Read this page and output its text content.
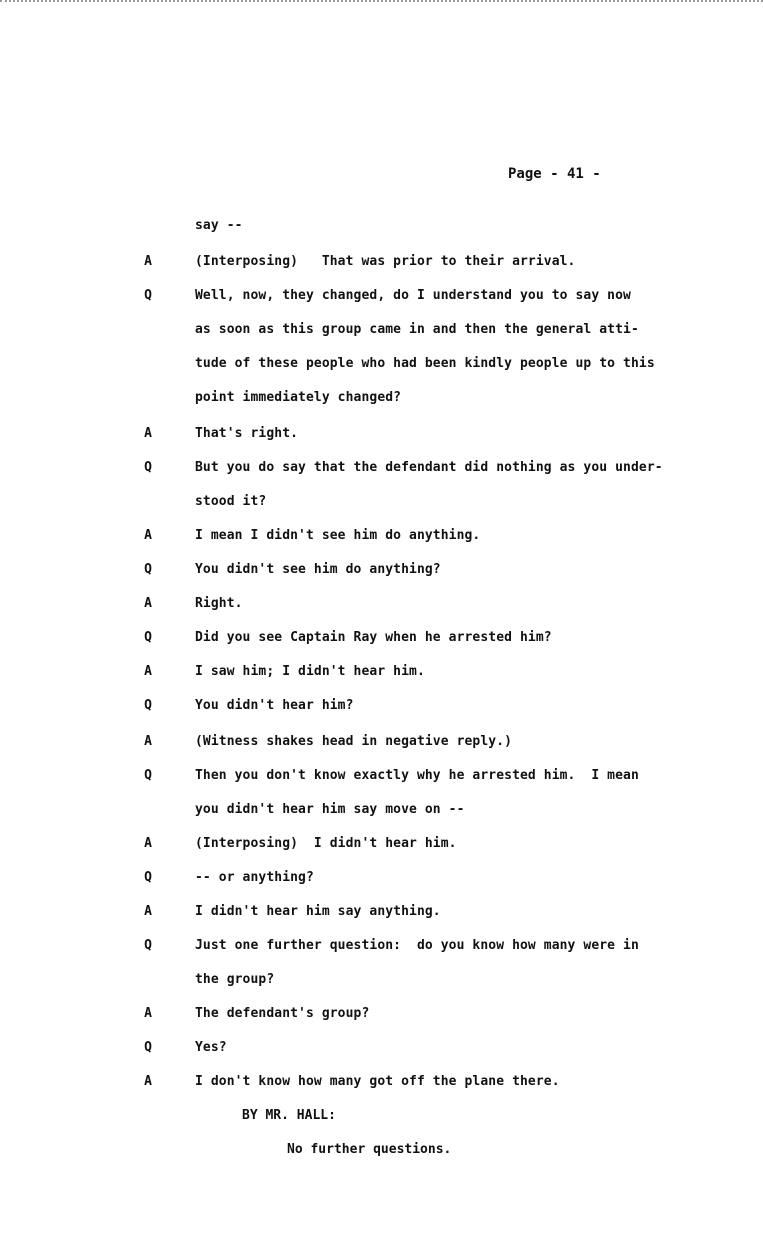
Page - 41 -
say --
A	(Interposing)   That was prior to their arrival.
Q	Well, now, they changed, do I understand you to say now
as soon as this group came in and then the general atti-
tude of these people who had been kindly people up to this
point immediately changed?
A	That's right.
Q	But you do say that the defendant did nothing as you under-
stood it?
A	I mean I didn't see him do anything.
Q	You didn't see him do anything?
A	Right.
Q	Did you see Captain Ray when he arrested him?
A	I saw him; I didn't hear him.
Q	You didn't hear him?
A	(Witness shakes head in negative reply.)
Q	Then you don't know exactly why he arrested him.  I mean
you didn't hear him say move on --
A	(Interposing)  I didn't hear him.
Q	-- or anything?
A	I didn't hear him say anything.
Q	Just one further question:  do you know how many were in
the group?
A	The defendant's group?
Q	Yes?
A	I don't know how many got off the plane there.
BY MR. HALL:
No further questions.
